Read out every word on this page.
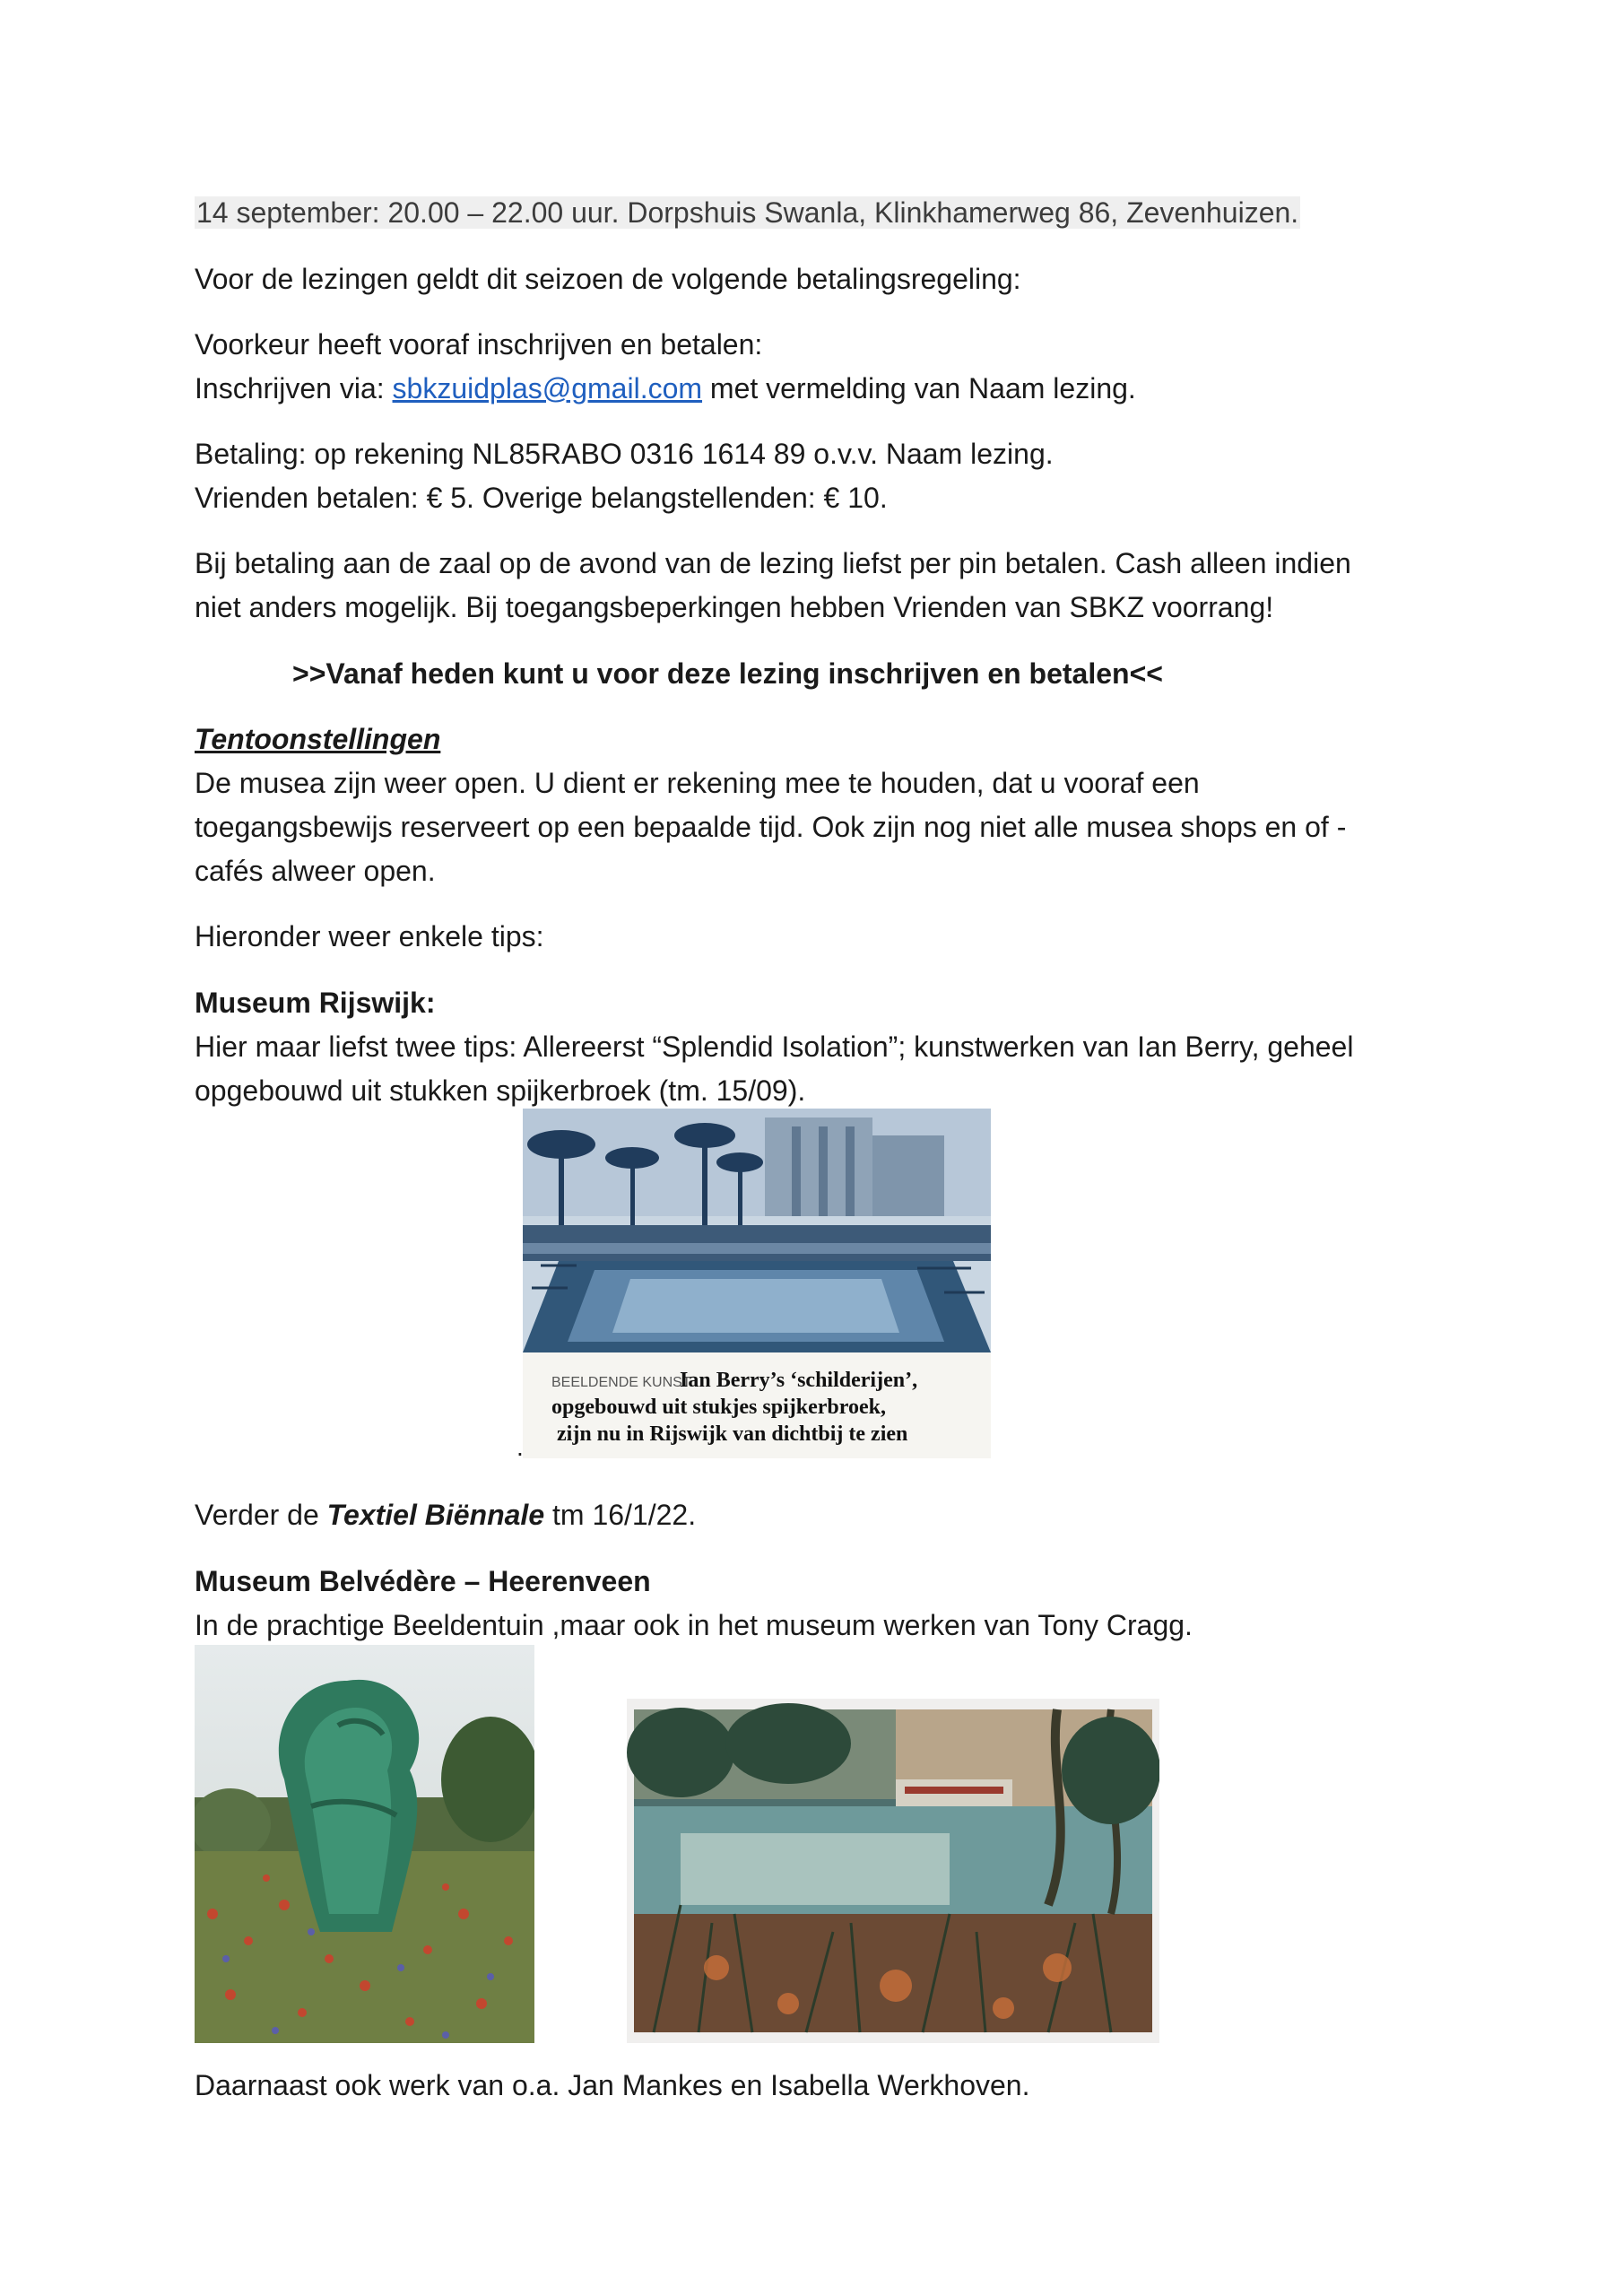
14 september: 20.00 – 22.00 uur. Dorpshuis Swanla, Klinkhamerweg 86, Zevenhuizen.

Voor de lezingen geldt dit seizoen de volgende betalingsregeling:

Voorkeur heeft vooraf inschrijven en betalen:

Inschrijven via: sbkzuidplas@gmail.com met vermelding van Naam lezing.

Betaling: op rekening NL85RABO 0316 1614 89 o.v.v. Naam lezing.

Vrienden betalen: € 5. Overige belangstellenden: € 10.

Bij betaling aan de zaal op de avond van de lezing liefst per pin betalen. Cash alleen indien

niet anders mogelijk. Bij toegangsbeperkingen hebben Vrienden van SBKZ voorrang!

>>Vanaf heden kunt u voor deze lezing inschrijven en betalen<<

Tentoonstellingen

De musea zijn weer open. U dient er rekening mee te houden, dat u vooraf een

toegangsbewijs reserveert op een bepaalde tijd. Ook zijn nog niet alle musea shops en of -

cafés alweer open.

Hieronder weer enkele tips:

Museum Rijswijk:

Hier maar liefst twee tips: Allereerst “Splendid Isolation”; kunstwerken van Ian Berry, geheel

opgebouwd uit stukken spijkerbroek (tm. 15/09).

BEELDENDE KUNST
Ian Berry’s ‘schilderijen’,
opgebouwd uit stukjes spijkerbroek,
zijn nu in Rijswijk van dichtbij te zien
.

Verder de Textiel Biënnale tm 16/1/22.

Museum Belvédère – Heerenveen

In de prachtige Beeldentuin ,maar ook in het museum werken van Tony Cragg.

Daarnaast ook werk van o.a. Jan Mankes en Isabella Werkhoven.
